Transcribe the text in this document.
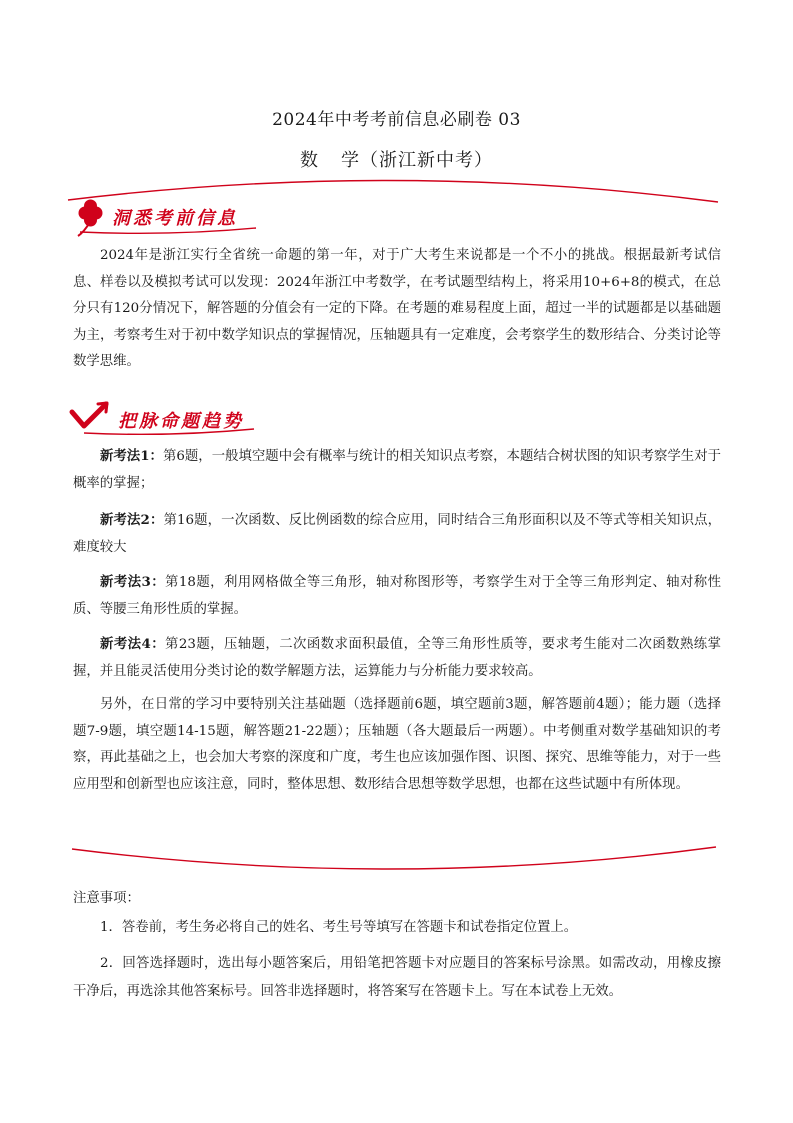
2024年中考考前信息必刷卷 03
数 学（浙江新中考）
洞悉考前信息
2024年是浙江实行全省统一命题的第一年，对于广大考生来说都是一个不小的挑战。根据最新考试信息、样卷以及模拟考试可以发现：2024年浙江中考数学，在考试题型结构上，将采用10+6+8的模式，在总分只有120分情况下，解答题的分值会有一定的下降。在考题的难易程度上面，超过一半的试题都是以基础题为主，考察考生对于初中数学知识点的掌握情况，压轴题具有一定难度，会考察学生的数形结合、分类讨论等数学思维。
把脉命题趋势
新考法1：第6题，一般填空题中会有概率与统计的相关知识点考察，本题结合树状图的知识考察学生对于概率的掌握；
新考法2：第16题，一次函数、反比例函数的综合应用，同时结合三角形面积以及不等式等相关知识点，难度较大
新考法3：第18题，利用网格做全等三角形，轴对称图形等，考察学生对于全等三角形判定、轴对称性质、等腰三角形性质的掌握。
新考法4：第23题，压轴题，二次函数求面积最值，全等三角形性质等，要求考生能对二次函数熟练掌握，并且能灵活使用分类讨论的数学解题方法，运算能力与分析能力要求较高。
另外，在日常的学习中要特别关注基础题（选择题前6题，填空题前3题，解答题前4题）；能力题（选择题7-9题，填空题14-15题，解答题21-22题）；压轴题（各大题最后一两题）。中考侧重对数学基础知识的考察，再此基础之上，也会加大考察的深度和广度，考生也应该加强作图、识图、探究、思维等能力，对于一些应用型和创新型也应该注意，同时，整体思想、数形结合思想等数学思想，也都在这些试题中有所体现。
注意事项：
1．答卷前，考生务必将自己的姓名、考生号等填写在答题卡和试卷指定位置上。
2．回答选择题时，选出每小题答案后，用铅笔把答题卡对应题目的答案标号涂黑。如需改动，用橡皮擦干净后，再选涂其他答案标号。回答非选择题时，将答案写在答题卡上。写在本试卷上无效。
